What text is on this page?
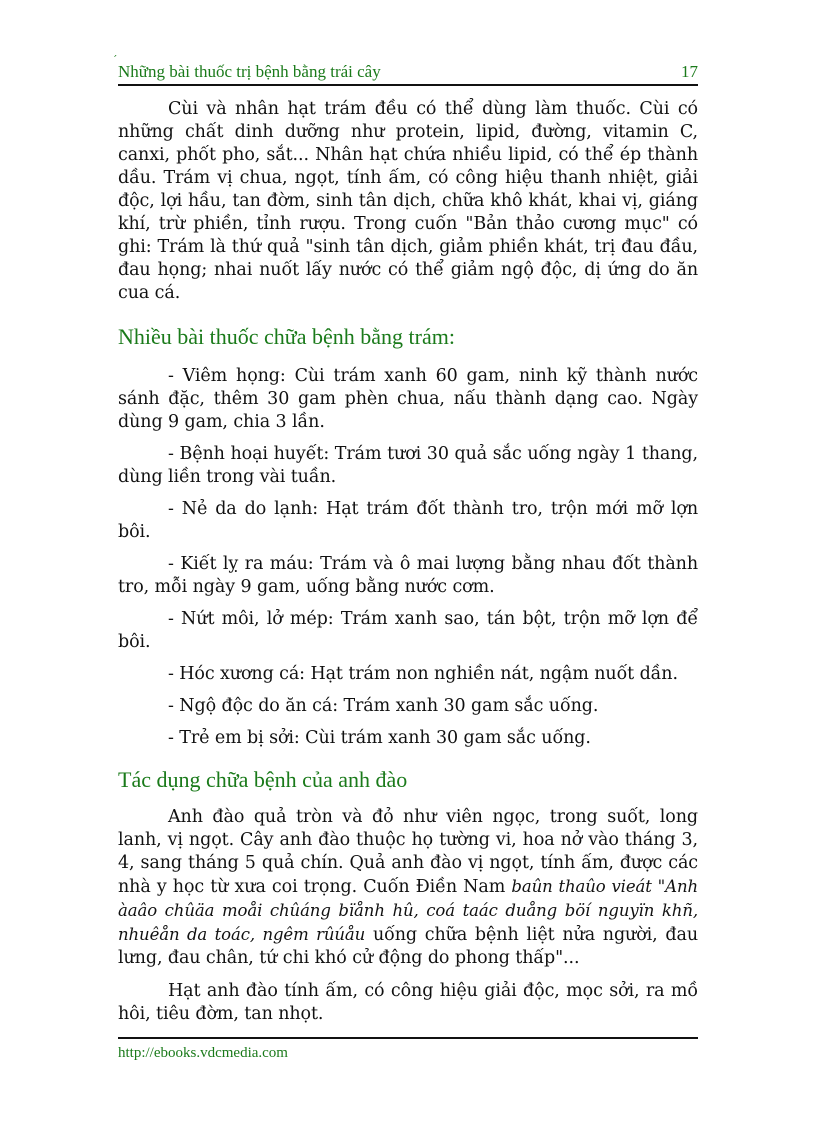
´
Những bài thuốc trị bệnh bằng trái cây	17

Cùi và nhân hạt trám đều có thể dùng làm thuốc. Cùi có những chất dinh dưỡng như protein, lipid, đường, vitamin C, canxi, phốt pho, sắt... Nhân hạt chứa nhiều lipid, có thể ép thành dầu. Trám vị chua, ngọt, tính ấm, có công hiệu thanh nhiệt, giải độc, lợi hầu, tan đờm, sinh tân dịch, chữa khô khát, khai vị, giáng khí, trừ phiền, tỉnh rượu. Trong cuốn "Bản thảo cương mục" có ghi: Trám là thứ quả "sinh tân dịch, giảm phiền khát, trị đau đầu, đau họng; nhai nuốt lấy nước có thể giảm ngộ độc, dị ứng do ăn cua cá.

Nhiều bài thuốc chữa bệnh bằng trám:

- Viêm họng: Cùi trám xanh 60 gam, ninh kỹ thành nước sánh đặc, thêm 30 gam phèn chua, nấu thành dạng cao. Ngày dùng 9 gam, chia 3 lần.

- Bệnh hoại huyết: Trám tươi 30 quả sắc uống ngày 1 thang, dùng liền trong vài tuần.

- Nẻ da do lạnh: Hạt trám đốt thành tro, trộn mới mỡ lợn bôi.

- Kiết lỵ ra máu: Trám và ô mai lượng bằng nhau đốt thành tro, mỗi ngày 9 gam, uống bằng nước cơm.

- Nứt môi, lở mép: Trám xanh sao, tán bột, trộn mỡ lợn để bôi.

- Hóc xương cá: Hạt trám non nghiền nát, ngậm nuốt dần.

- Ngộ độc do ăn cá: Trám xanh 30 gam sắc uống.

- Trẻ em bị sởi: Cùi trám xanh 30 gam sắc uống.

Tác dụng chữa bệnh của anh đào

Anh đào quả tròn và đỏ như viên ngọc, trong suốt, long lanh, vị ngọt. Cây anh đào thuộc họ tường vi, hoa nở vào tháng 3, 4, sang tháng 5 quả chín. Quả anh đào vị ngọt, tính ấm, được các nhà y học từ xưa coi trọng. Cuốn Điền Nam baûn thaûo vieát "Anh àaâo chûäa moåi chûáng bïånh hû, coá taác duång böí nguyïn khñ, nhuêån da toác, ngêm rûúåu uống chữa bệnh liệt nửa người, đau lưng, đau chân, tứ chi khó cử động do phong thấp"...

Hạt anh đào tính ấm, có công hiệu giải độc, mọc sởi, ra mồ hôi, tiêu đờm, tan nhọt.

http://ebooks.vdcmedia.com
